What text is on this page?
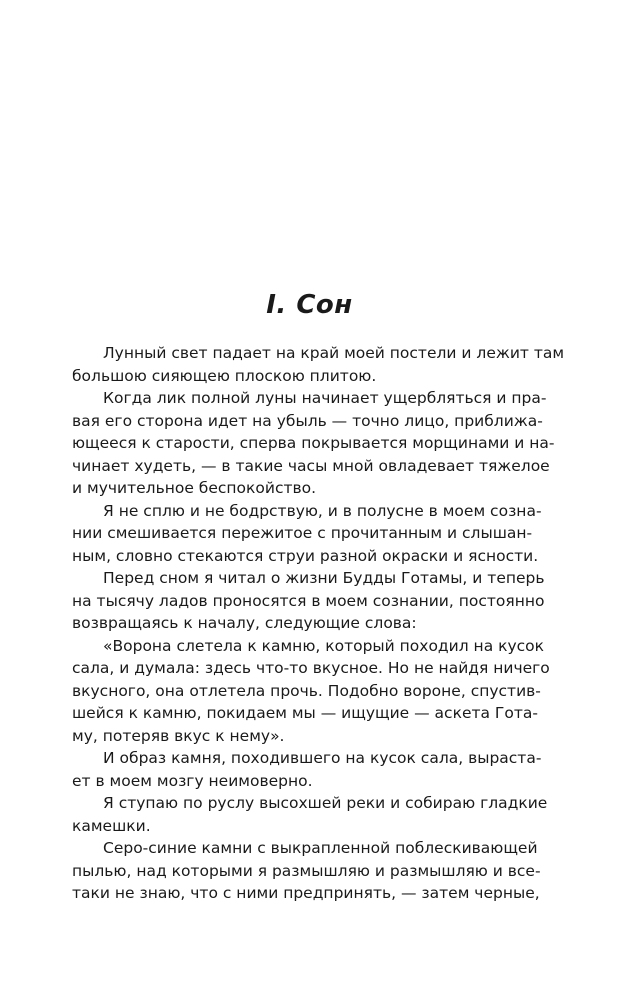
I. Сон
Лунный свет падает на край моей постели и лежит там
большою сияющею плоскою плитою.
Когда лик полной луны начинает ущербляться и пра-
вая его сторона идет на убыль — точно лицо, приближа-
ющееся к старости, сперва покрывается морщинами и на-
чинает худеть, — в такие часы мной овладевает тяжелое
и мучительное беспокойство.
Я не сплю и не бодрствую, и в полусне в моем созна-
нии смешивается пережитое с прочитанным и слышан-
ным, словно стекаются струи разной окраски и ясности.
Перед сном я читал о жизни Будды Готамы, и теперь
на тысячу ладов проносятся в моем сознании, постоянно
возвращаясь к началу, следующие слова:
«Ворона слетела к камню, который походил на кусок
сала, и думала: здесь что-то вкусное. Но не найдя ничего
вкусного, она отлетела прочь. Подобно вороне, спустив-
шейся к камню, покидаем мы — ищущие — аскета Гота-
му, потеряв вкус к нему».
И образ камня, походившего на кусок сала, выраста-
ет в моем мозгу неимоверно.
Я ступаю по руслу высохшей реки и собираю гладкие
камешки.
Серо-синие камни с выкрапленной поблескивающей
пылью, над которыми я размышляю и размышляю и все-
таки не знаю, что с ними предпринять, — затем черные,
